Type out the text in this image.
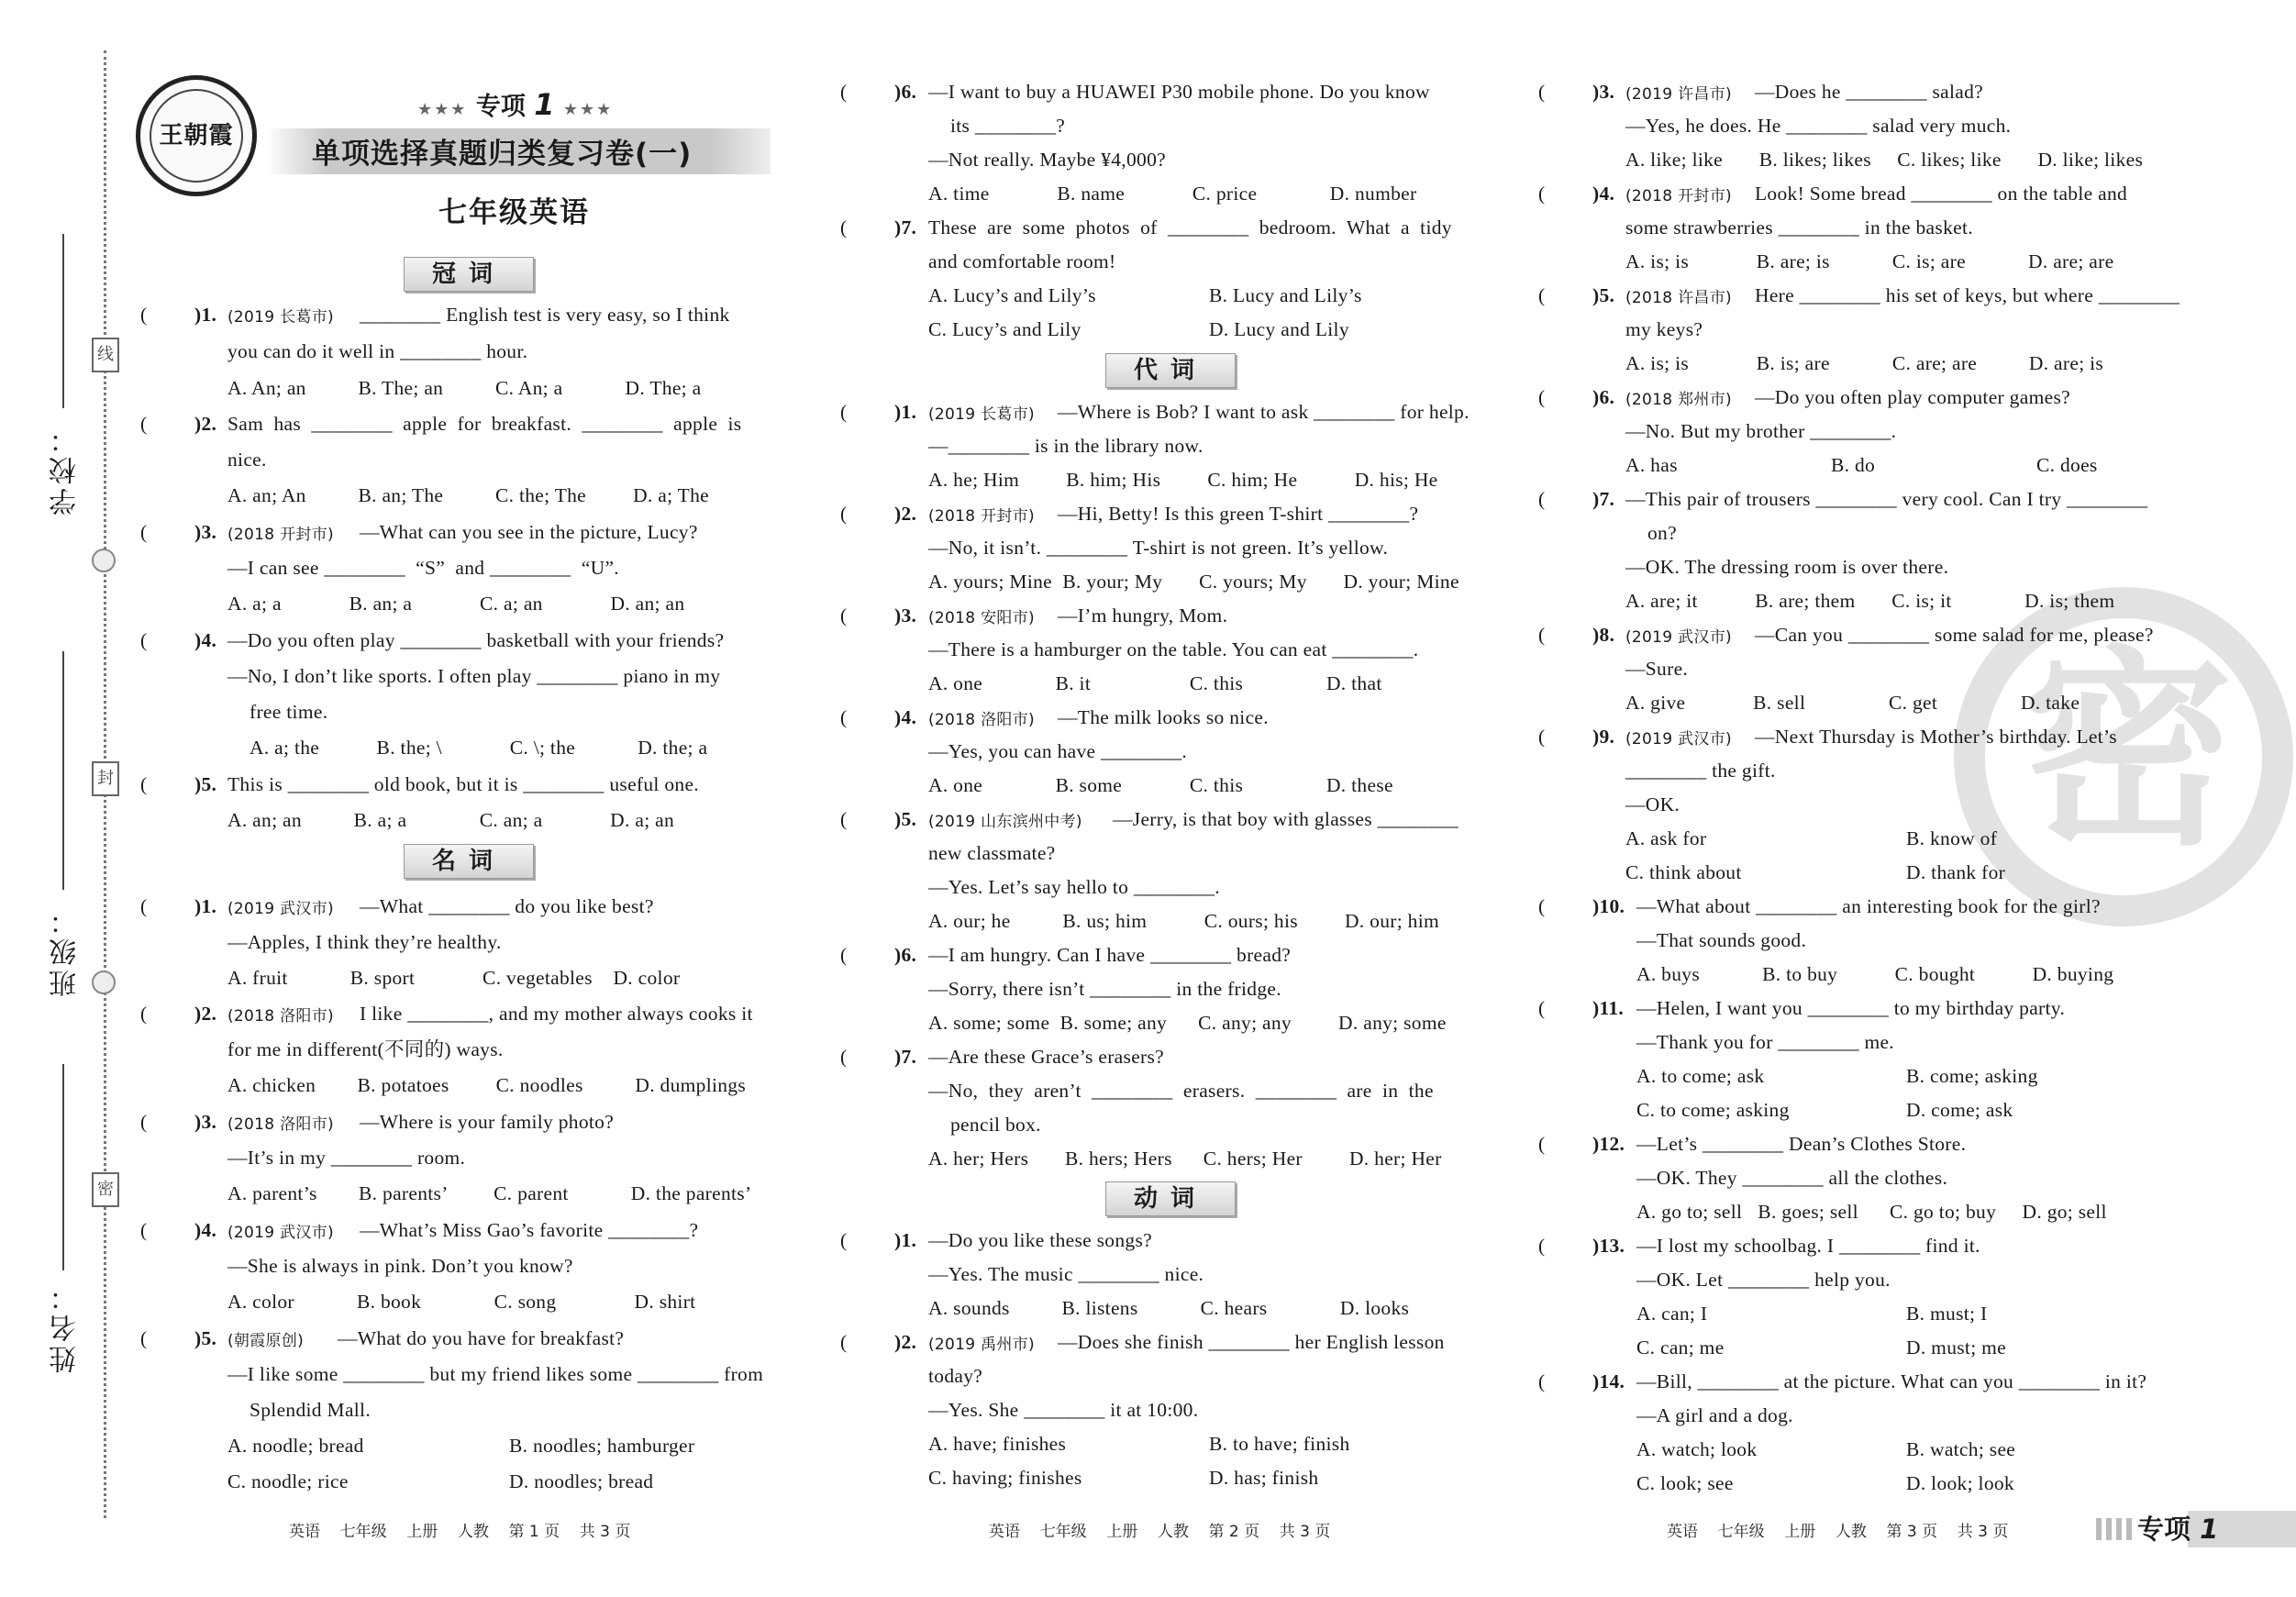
学校：
班级：
姓名：
线
封
密
王朝霞
★★★ 专项 1 ★★★
单项选择真题归类复习卷(一)
七年级英语
密
冠词
( )1. (2019 长葛市) ________ English test is very easy, so I think
you can do it well in ________ hour.
A. An; an          B. The; an          C. An; a            D. The; a
( )2. Sam  has  ________  apple  for  breakfast.  ________  apple  is
nice.
A. an; An          B. an; The          C. the; The         D. a; The
( )3. (2018 开封市) —What can you see in the picture, Lucy?
—I can see ________  “S”  and ________  “U”.
A. a; a             B. an; a             C. a; an             D. an; an
( )4. —Do you often play ________ basketball with your friends?
—No, I don’t like sports. I often play ________ piano in my
free time.
A. a; the           B. the; \             C. \; the            D. the; a
( )5. This is ________ old book, but it is ________ useful one.
A. an; an          B. a; a              C. an; a             D. a; an
名词
( )1. (2019 武汉市) —What ________ do you like best?
—Apples, I think they’re healthy.
A. fruit            B. sport             C. vegetables    D. color
( )2. (2018 洛阳市) I like ________, and my mother always cooks it
for me in different(不同的) ways.
A. chicken        B. potatoes         C. noodles          D. dumplings
( )3. (2018 洛阳市) —Where is your family photo?
—It’s in my ________ room.
A. parent’s        B. parents’         C. parent            D. the parents’
( )4. (2019 武汉市) —What’s Miss Gao’s favorite ________?
—She is always in pink. Don’t you know?
A. color            B. book              C. song               D. shirt
( )5. (朝霞原创) —What do you have for breakfast?
—I like some ________ but my friend likes some ________ from
Splendid Mall.
A. noodle; bread	B. noodles; hamburger
C. noodle; rice	D. noodles; bread
英语    七年级    上册    人教    第 1 页    共 3 页
( )6. —I want to buy a HUAWEI P30 mobile phone. Do you know
its ________?
—Not really. Maybe ¥4,000?
A. time             B. name             C. price              D. number
( )7. These  are  some  photos  of  ________  bedroom.  What  a  tidy
and comfortable room!
A. Lucy’s and Lily’s	B. Lucy and Lily’s
C. Lucy’s and Lily	D. Lucy and Lily
代词
( )1. (2019 长葛市) —Where is Bob? I want to ask ________ for help.
—________ is in the library now.
A. he; Him         B. him; His         C. him; He           D. his; He
( )2. (2018 开封市) —Hi, Betty! Is this green T-shirt ________?
—No, it isn’t. ________ T-shirt is not green. It’s yellow.
A. yours; Mine  B. your; My       C. yours; My       D. your; Mine
( )3. (2018 安阳市) —I’m hungry, Mom.
—There is a hamburger on the table. You can eat ________.
A. one              B. it                   C. this                D. that
( )4. (2018 洛阳市) —The milk looks so nice.
—Yes, you can have ________.
A. one              B. some             C. this                D. these
( )5. (2019 山东滨州中考) —Jerry, is that boy with glasses ________
new classmate?
—Yes. Let’s say hello to ________.
A. our; he          B. us; him           C. ours; his         D. our; him
( )6. —I am hungry. Can I have ________ bread?
—Sorry, there isn’t ________ in the fridge.
A. some; some  B. some; any      C. any; any         D. any; some
( )7. —Are these Grace’s erasers?
—No,  they  aren’t  ________  erasers.  ________  are  in  the
pencil box.
A. her; Hers       B. hers; Hers      C. hers; Her         D. her; Her
动词
( )1. —Do you like these songs?
—Yes. The music ________ nice.
A. sounds          B. listens            C. hears              D. looks
( )2. (2019 禹州市) —Does she finish ________ her English lesson
today?
—Yes. She ________ it at 10:00.
A. have; finishes	B. to have; finish
C. having; finishes	D. has; finish
英语    七年级    上册    人教    第 2 页    共 3 页
( )3. (2019 许昌市) —Does he ________ salad?
—Yes, he does. He ________ salad very much.
A. like; like       B. likes; likes     C. likes; like       D. like; likes
( )4. (2018 开封市) Look! Some bread ________ on the table and
some strawberries ________ in the basket.
A. is; is             B. are; is            C. is; are            D. are; are
( )5. (2018 许昌市) Here ________ his set of keys, but where ________
my keys?
A. is; is             B. is; are            C. are; are          D. are; is
( )6. (2018 郑州市) —Do you often play computer games?
—No. But my brother ________.
A. has	B. do	C. does
( )7. —This pair of trousers ________ very cool. Can I try ________
on?
—OK. The dressing room is over there.
A. are; it           B. are; them       C. is; it              D. is; them
( )8. (2019 武汉市) —Can you ________ some salad for me, please?
—Sure.
A. give             B. sell                C. get                D. take
( )9. (2019 武汉市) —Next Thursday is Mother’s birthday. Let’s
________ the gift.
—OK.
A. ask for	B. know of
C. think about	D. thank for
( )10. —What about ________ an interesting book for the girl?
—That sounds good.
A. buys            B. to buy           C. bought           D. buying
( )11. —Helen, I want you ________ to my birthday party.
—Thank you for ________ me.
A. to come; ask	B. come; asking
C. to come; asking	D. come; ask
( )12. —Let’s ________ Dean’s Clothes Store.
—OK. They ________ all the clothes.
A. go to; sell   B. goes; sell      C. go to; buy     D. go; sell
( )13. —I lost my schoolbag. I ________ find it.
—OK. Let ________ help you.
A. can; I	B. must; I
C. can; me	D. must; me
( )14. —Bill, ________ at the picture. What can you ________ in it?
—A girl and a dog.
A. watch; look	B. watch; see
C. look; see	D. look; look
英语    七年级    上册    人教    第 3 页    共 3 页	专项 1
